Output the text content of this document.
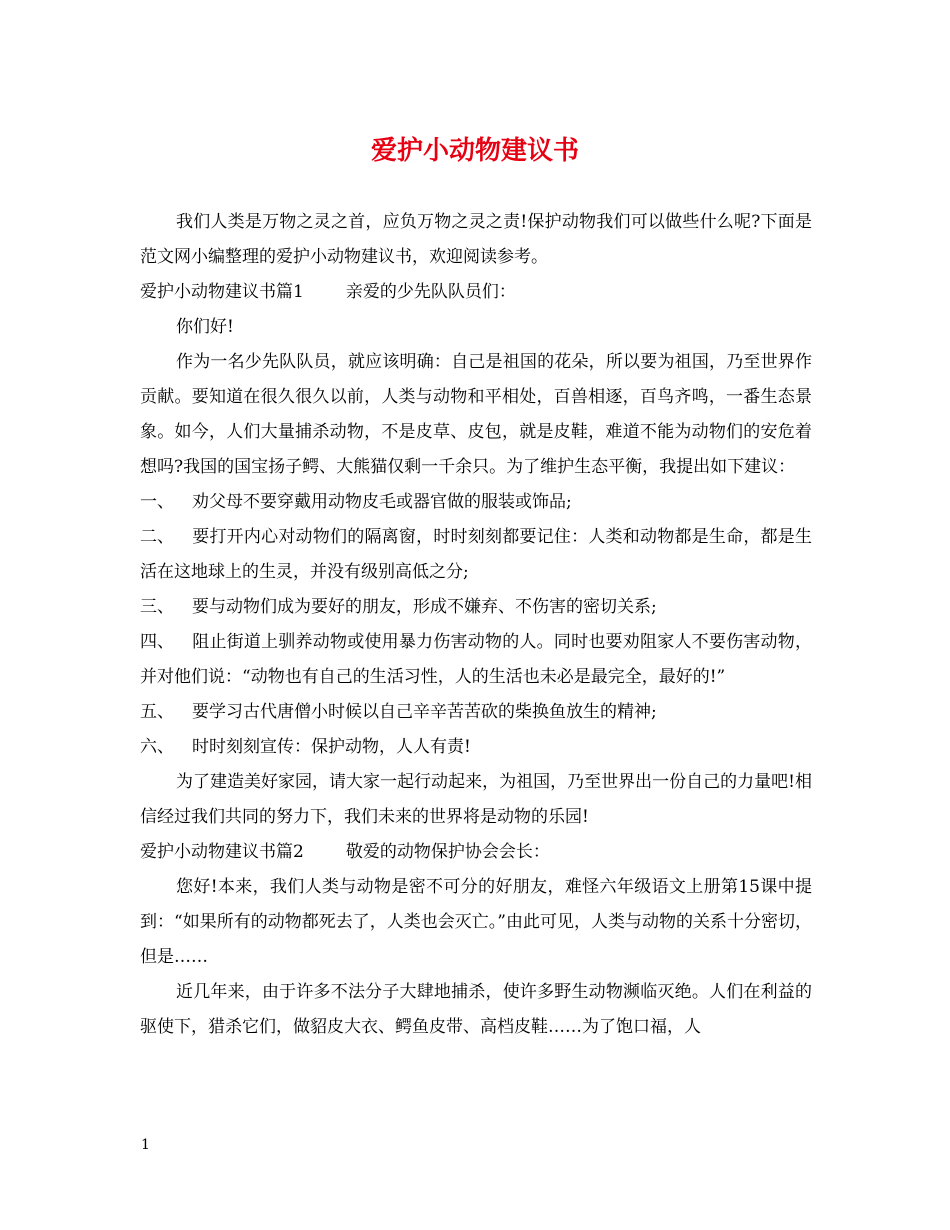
爱护小动物建议书

我们人类是万物之灵之首，应负万物之灵之责!保护动物我们可以做些什么呢?下面是范文网小编整理的爱护小动物建议书，欢迎阅读参考。

爱护小动物建议书篇1 亲爱的少先队队员们：

你们好!

作为一名少先队队员，就应该明确：自己是祖国的花朵，所以要为祖国，乃至世界作贡献。要知道在很久很久以前，人类与动物和平相处，百兽相逐，百鸟齐鸣，一番生态景象。如今，人们大量捕杀动物，不是皮草、皮包，就是皮鞋，难道不能为动物们的安危着想吗?我国的国宝扬子鳄、大熊猫仅剩一千余只。为了维护生态平衡，我提出如下建议：

一、 劝父母不要穿戴用动物皮毛或器官做的服装或饰品;

二、 要打开内心对动物们的隔离窗，时时刻刻都要记住：人类和动物都是生命，都是生活在这地球上的生灵，并没有级别高低之分;

三、 要与动物们成为要好的朋友，形成不嫌弃、不伤害的密切关系;

四、 阻止街道上驯养动物或使用暴力伤害动物的人。同时也要劝阻家人不要伤害动物，并对他们说：“动物也有自己的生活习性，人的生活也未必是最完全，最好的!”

五、 要学习古代唐僧小时候以自己辛辛苦苦砍的柴换鱼放生的精神;

六、 时时刻刻宣传：保护动物，人人有责!

为了建造美好家园，请大家一起行动起来，为祖国，乃至世界出一份自己的力量吧!相信经过我们共同的努力下，我们未来的世界将是动物的乐园!

爱护小动物建议书篇2 敬爱的动物保护协会会长：

您好!本来，我们人类与动物是密不可分的好朋友，难怪六年级语文上册第15课中提到：“如果所有的动物都死去了，人类也会灭亡。”由此可见，人类与动物的关系十分密切，但是……

近几年来，由于许多不法分子大肆地捕杀，使许多野生动物濒临灭绝。人们在利益的驱使下，猎杀它们，做貂皮大衣、鳄鱼皮带、高档皮鞋……为了饱口福，人

1
